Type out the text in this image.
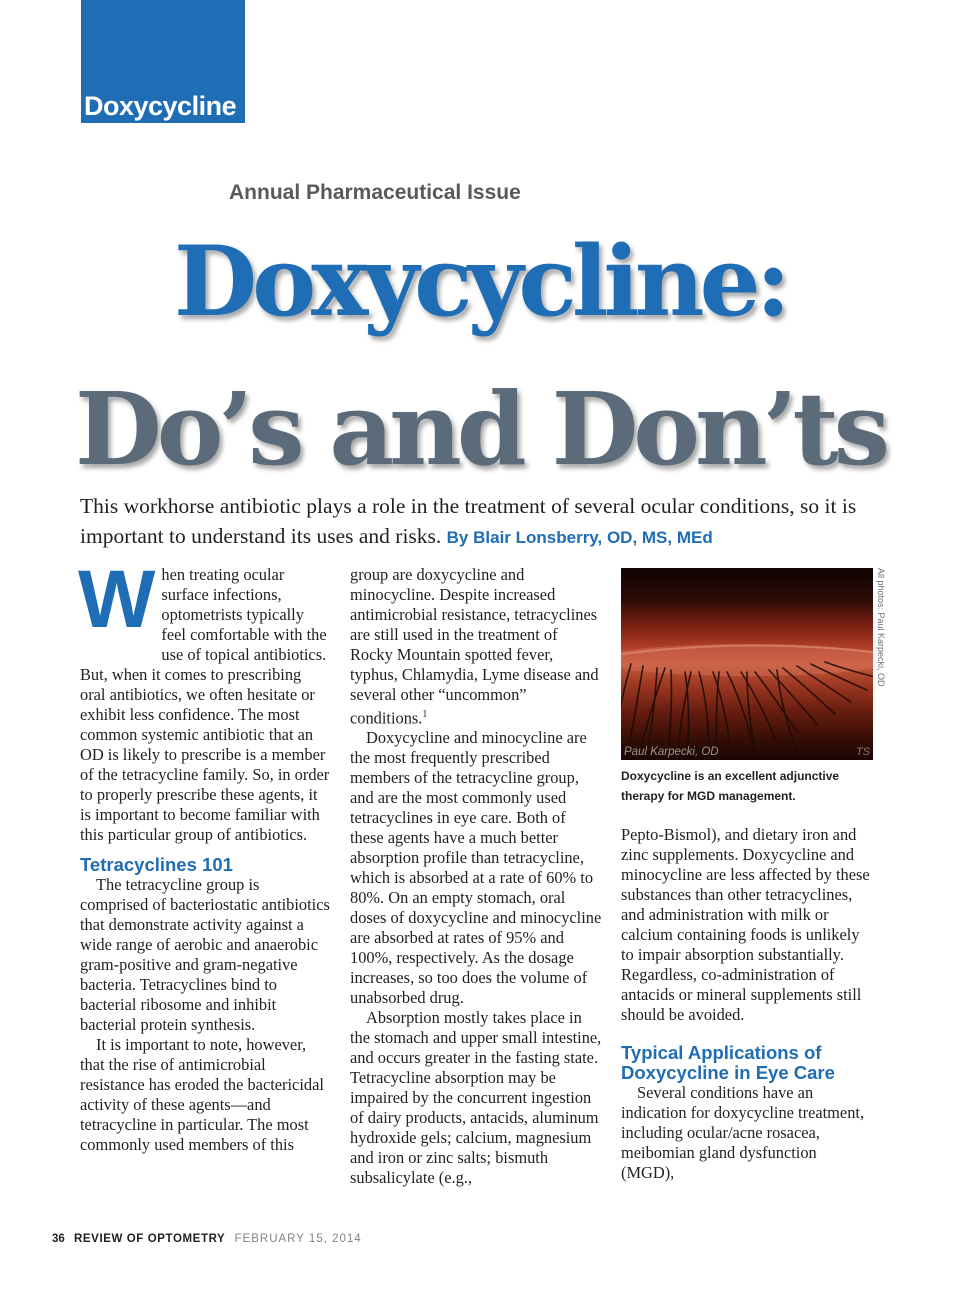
Doxycycline
Annual Pharmaceutical Issue
Doxycycline:
Do’s and Don’ts
This workhorse antibiotic plays a role in the treatment of several ocular conditions, so it is important to understand its uses and risks. By Blair Lonsberry, OD, MS, MEd

When treating ocular surface infections, optometrists typically feel comfortable with the use of topical antibiotics. But, when it comes to prescribing oral antibiotics, we often hesitate or exhibit less confidence. The most common systemic antibiotic that an OD is likely to prescribe is a member of the tetracycline family. So, in order to properly prescribe these agents, it is important to become familiar with this particular group of antibiotics.

Tetracyclines 101

The tetracycline group is comprised of bacteriostatic antibiotics that demonstrate activity against a wide range of aerobic and anaerobic gram-positive and gram-negative bacteria. Tetracyclines bind to bacterial ribosome and inhibit bacterial protein synthesis.

It is important to note, however, that the rise of antimicrobial resistance has eroded the bactericidal activity of these agents—and tetracycline in particular. The most commonly used members of this

group are doxycycline and minocycline. Despite increased antimicrobial resistance, tetracyclines are still used in the treatment of Rocky Mountain spotted fever, typhus, Chlamydia, Lyme disease and several other “uncommon” conditions.$^1$

Doxycycline and minocycline are the most frequently prescribed members of the tetracycline group, and are the most commonly used tetracyclines in eye care. Both of these agents have a much better absorption profile than tetracycline, which is absorbed at a rate of 60% to 80%. On an empty stomach, oral doses of doxycycline and minocycline are absorbed at rates of 95% and 100%, respectively. As the dosage increases, so too does the volume of unabsorbed drug.

Absorption mostly takes place in the stomach and upper small intestine, and occurs greater in the fasting state. Tetracycline absorption may be impaired by the concurrent ingestion of dairy products, antacids, aluminum hydroxide gels; calcium, magnesium and iron or zinc salts; bismuth subsalicylate (e.g.,

Paul Karpecki, OD	TS
All photos: Paul Karpecki, OD
Doxycycline is an excellent adjunctive therapy for MGD management.

Pepto-Bismol), and dietary iron and zinc supplements. Doxycycline and minocycline are less affected by these substances than other tetracyclines, and administration with milk or calcium containing foods is unlikely to impair absorption substantially. Regardless, co-administration of antacids or mineral supplements still should be avoided.

Typical Applications of Doxycycline in Eye Care

Several conditions have an indication for doxycycline treatment, including ocular/acne rosacea, meibomian gland dysfunction (MGD),

36 REVIEW OF OPTOMETRY FEBRUARY 15, 2014
